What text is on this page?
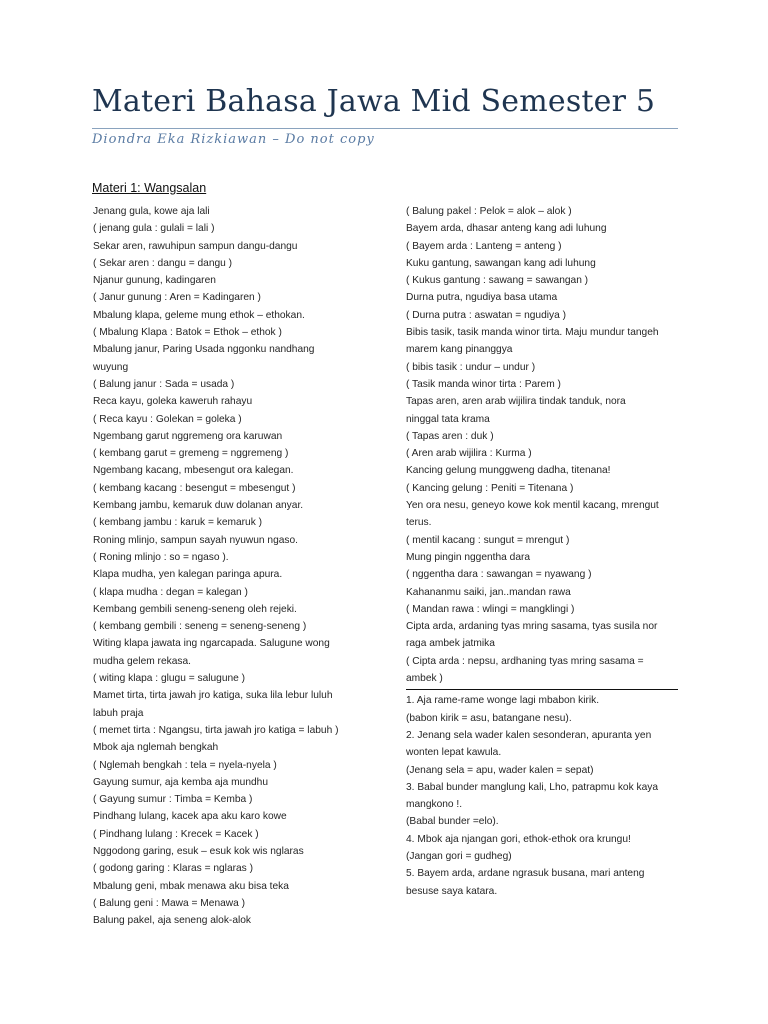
Materi Bahasa Jawa Mid Semester 5
Diondra Eka Rizkiawan – Do not copy
Materi 1: Wangsalan
Jenang gula, kowe aja lali
( jenang gula : gulali = lali )
Sekar aren, rawuhipun sampun dangu-dangu
( Sekar aren : dangu = dangu )
Njanur gunung, kadingaren
( Janur gunung : Aren = Kadingaren )
Mbalung klapa, geleme mung ethok – ethokan.
( Mbalung Klapa : Batok = Ethok – ethok )
Mbalung janur, Paring Usada nggonku nandhang
wuyung
( Balung janur : Sada = usada )
Reca kayu, goleka kaweruh rahayu
( Reca kayu : Golekan = goleka )
Ngembang garut nggremeng ora karuwan
( kembang garut = gremeng = nggremeng )
Ngembang kacang, mbesengut ora kalegan.
( kembang kacang : besengut = mbesengut )
Kembang jambu, kemaruk duw dolanan anyar.
( kembang jambu : karuk = kemaruk )
Roning mlinjo, sampun sayah nyuwun ngaso.
( Roning mlinjo : so = ngaso ).
Klapa mudha, yen kalegan paringa apura.
( klapa mudha : degan = kalegan )
Kembang gembili seneng-seneng oleh rejeki.
( kembang gembili : seneng = seneng-seneng )
Witing klapa jawata ing ngarcapada. Salugune wong
mudha gelem rekasa.
( witing klapa : glugu = salugune )
Mamet tirta, tirta jawah jro katiga, suka lila lebur luluh
labuh praja
( memet tirta : Ngangsu, tirta jawah jro katiga = labuh )
Mbok aja nglemah bengkah
( Nglemah bengkah : tela = nyela-nyela )
Gayung sumur, aja kemba aja mundhu
( Gayung sumur : Timba = Kemba )
Pindhang lulang, kacek apa aku karo kowe
( Pindhang lulang : Krecek = Kacek )
Nggodong garing, esuk – esuk kok wis nglaras
( godong garing : Klaras = nglaras )
Mbalung geni, mbak menawa aku bisa teka
( Balung geni : Mawa = Menawa )
Balung pakel, aja seneng alok-alok
( Balung pakel : Pelok = alok – alok )
Bayem arda, dhasar anteng kang adi luhung
( Bayem arda : Lanteng = anteng )
Kuku gantung, sawangan kang adi luhung
( Kukus gantung : sawang = sawangan )
Durna putra, ngudiya basa utama
( Durna putra : aswatan = ngudiya )
Bibis tasik, tasik manda winor tirta. Maju mundur tangeh
marem kang pinanggya
( bibis tasik : undur – undur )
( Tasik manda winor tirta : Parem )
Tapas aren, aren arab wijilira tindak tanduk, nora
ninggal tata krama
( Tapas aren : duk )
( Aren arab wijilira : Kurma )
Kancing gelung munggweng dadha, titenana!
( Kancing gelung : Peniti = Titenana )
Yen ora nesu, geneyo kowe kok mentil kacang, mrengut
terus.
( mentil kacang : sungut = mrengut )
Mung pingin nggentha dara
( nggentha dara : sawangan = nyawang )
Kahananmu saiki, jan..mandan rawa
( Mandan rawa : wlingi = mangklingi )
Cipta arda, ardaning tyas mring sasama, tyas susila nor
raga ambek jatmika
( Cipta arda : nepsu, ardhaning tyas mring sasama =
ambek )
1. Aja rame-rame wonge lagi mbabon kirik.
(babon kirik = asu, batangane nesu).
2. Jenang sela wader kalen sesonderan, apuranta yen
wonten lepat kawula.
(Jenang sela = apu, wader kalen = sepat)
3. Babal bunder manglung kali, Lho, patrapmu kok kaya
mangkono !.
(Babal bunder =elo).
4. Mbok aja njangan gori, ethok-ethok ora krungu!
(Jangan gori = gudheg)
5. Bayem arda, ardane ngrasuk busana, mari anteng
besuse saya katara.
